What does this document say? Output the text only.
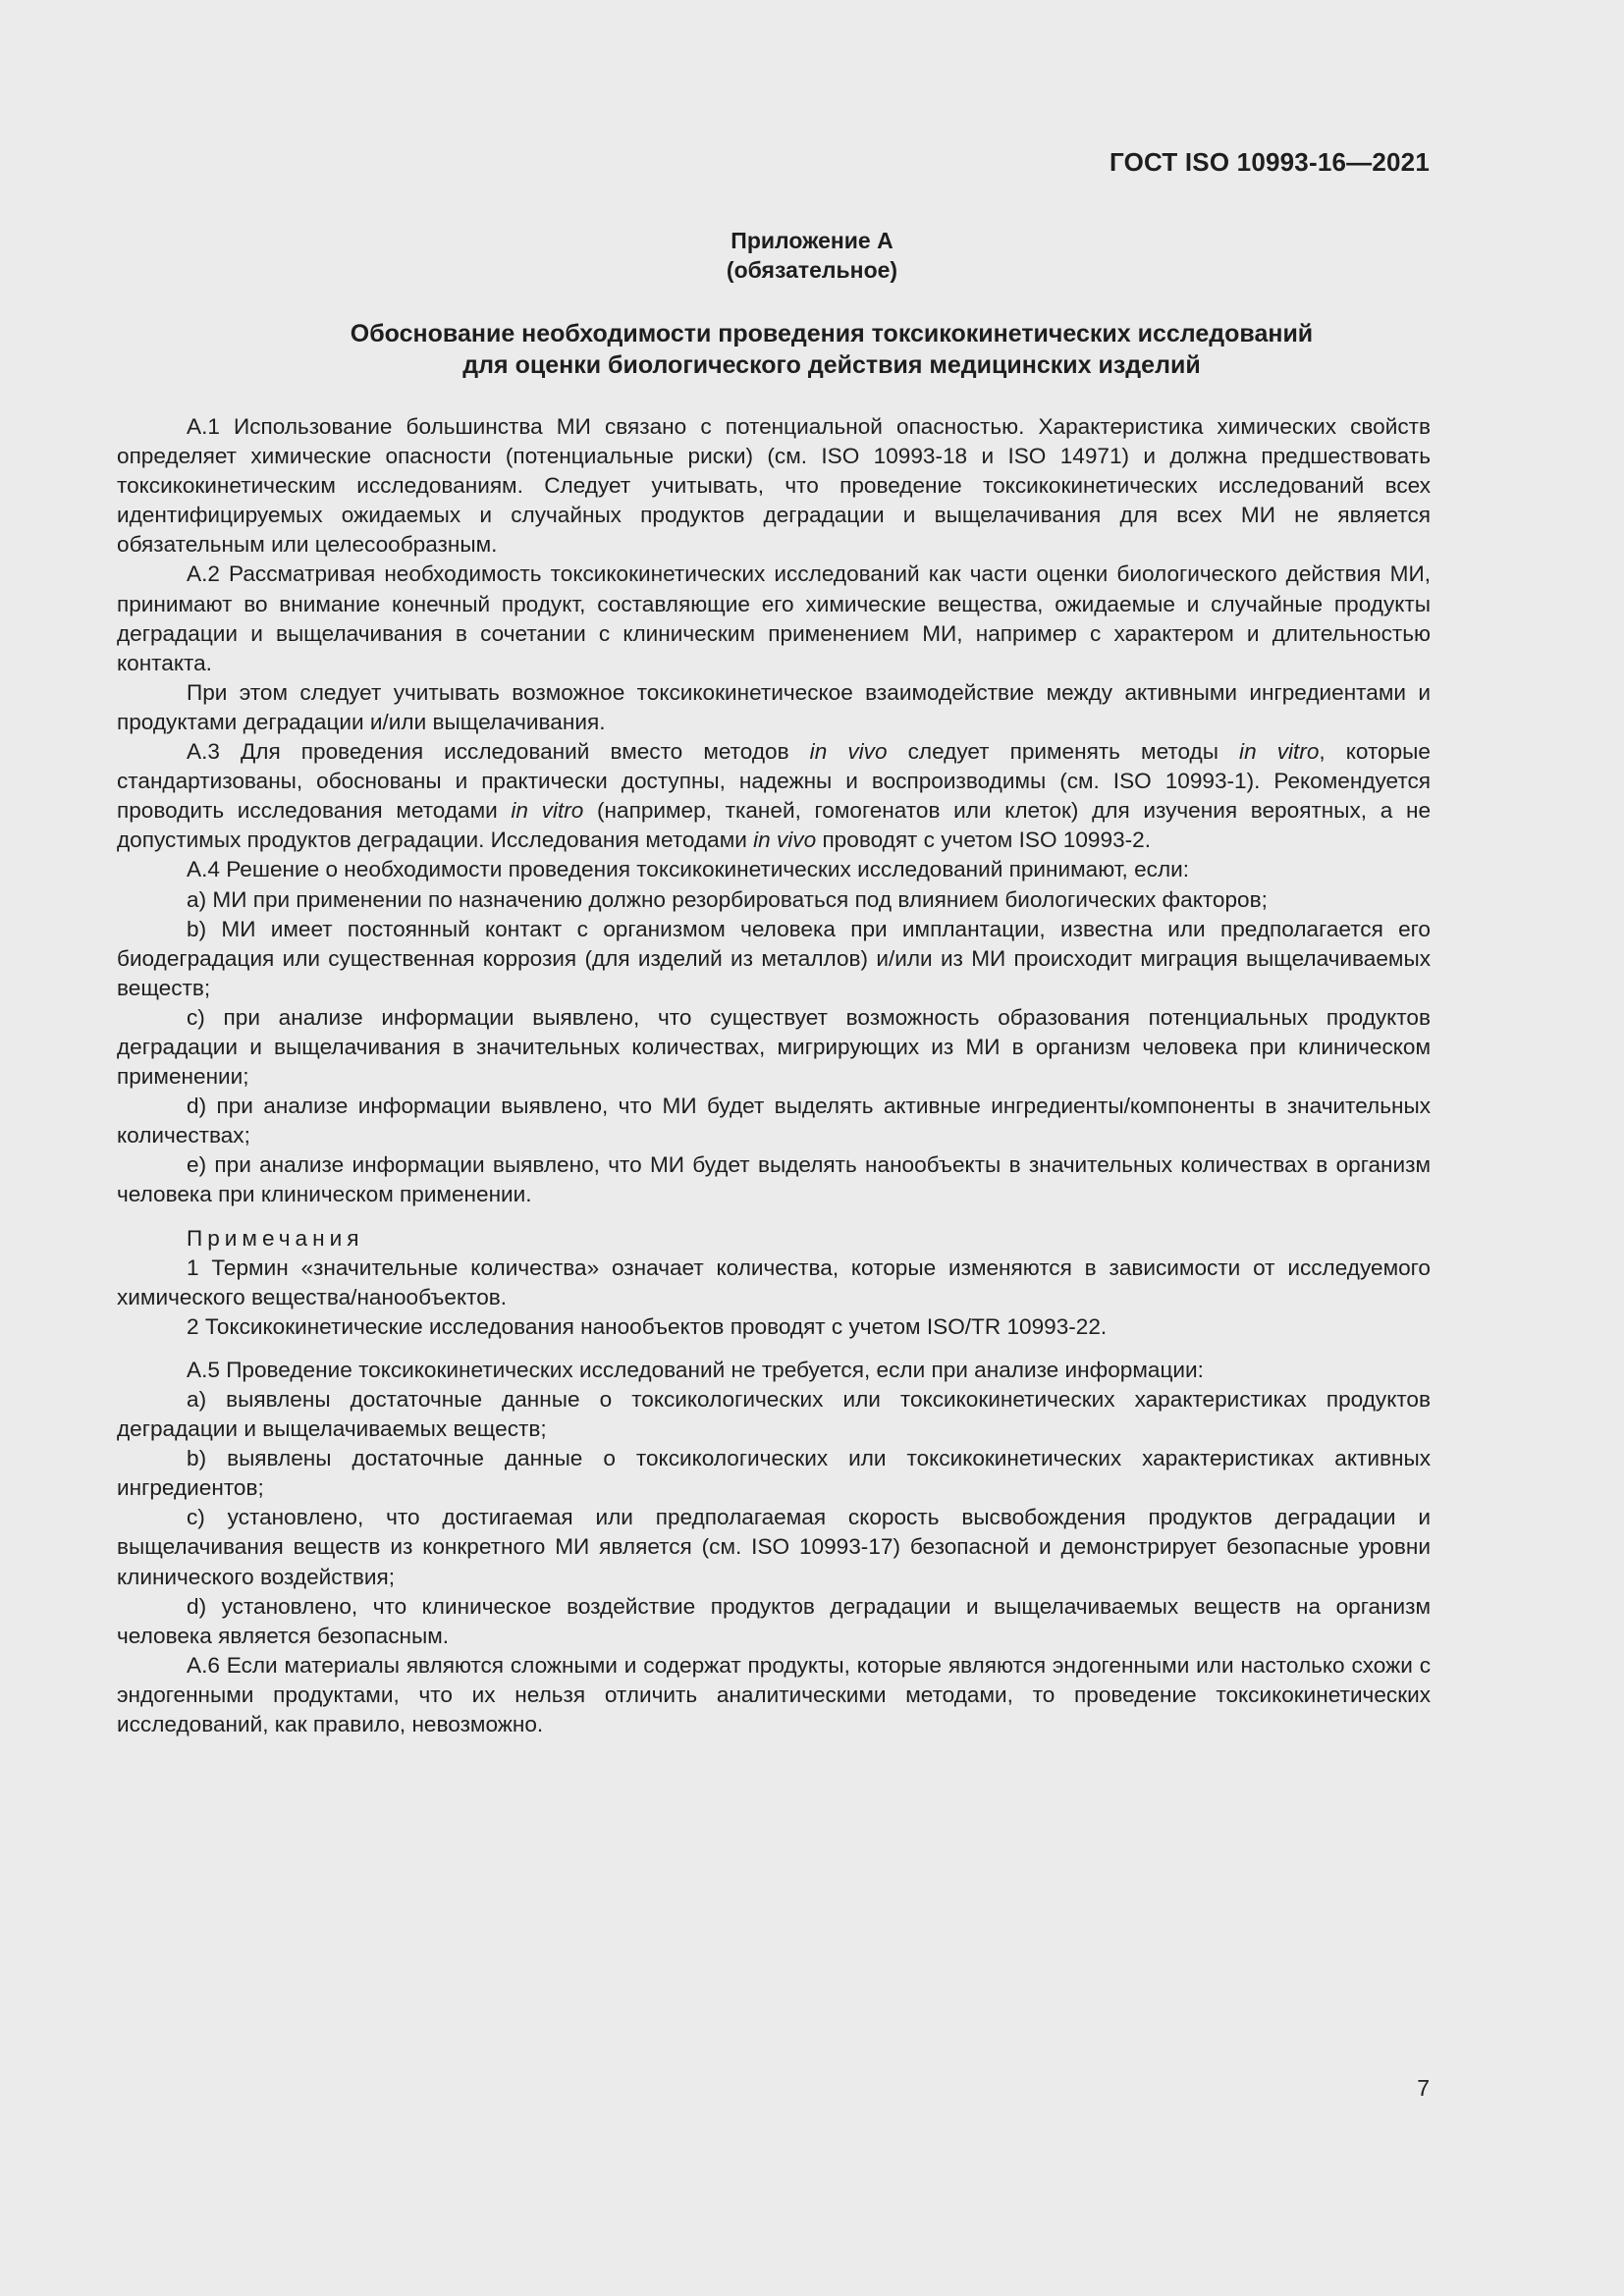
ГОСТ ISO 10993-16—2021
Приложение А
(обязательное)
Обоснование необходимости проведения токсикокинетических исследований
для оценки биологического действия медицинских изделий

А.1 Использование большинства МИ связано с потенциальной опасностью. Характеристика химических свойств определяет химические опасности (потенциальные риски) (см. ISO 10993-18 и ISO 14971) и должна предшествовать токсикокинетическим исследованиям. Следует учитывать, что проведение токсикокинетических исследований всех идентифицируемых ожидаемых и случайных продуктов деградации и выщелачивания для всех МИ не является обязательным или целесообразным.

А.2 Рассматривая необходимость токсикокинетических исследований как части оценки биологического действия МИ, принимают во внимание конечный продукт, составляющие его химические вещества, ожидаемые и случайные продукты деградации и выщелачивания в сочетании с клиническим применением МИ, например с характером и длительностью контакта.

При этом следует учитывать возможное токсикокинетическое взаимодействие между активными ингредиентами и продуктами деградации и/или выщелачивания.

А.3 Для проведения исследований вместо методов in vivo следует применять методы in vitro, которые стандартизованы, обоснованы и практически доступны, надежны и воспроизводимы (см. ISO 10993-1). Рекомендуется проводить исследования методами in vitro (например, тканей, гомогенатов или клеток) для изучения вероятных, а не допустимых продуктов деградации. Исследования методами in vivo проводят с учетом ISO 10993-2.

А.4 Решение о необходимости проведения токсикокинетических исследований принимают, если:

a) МИ при применении по назначению должно резорбироваться под влиянием биологических факторов;

b) МИ имеет постоянный контакт с организмом человека при имплантации, известна или предполагается его биодеградация или существенная коррозия (для изделий из металлов) и/или из МИ происходит миграция выщелачиваемых веществ;

c) при анализе информации выявлено, что существует возможность образования потенциальных продуктов деградации и выщелачивания в значительных количествах, мигрирующих из МИ в организм человека при клиническом применении;

d) при анализе информации выявлено, что МИ будет выделять активные ингредиенты/компоненты в значительных количествах;

e) при анализе информации выявлено, что МИ будет выделять нанообъекты в значительных количествах в организм человека при клиническом применении.

Примечания

1 Термин «значительные количества» означает количества, которые изменяются в зависимости от исследуемого химического вещества/нанообъектов.

2 Токсикокинетические исследования нанообъектов проводят с учетом ISO/TR 10993-22.

А.5 Проведение токсикокинетических исследований не требуется, если при анализе информации:

a) выявлены достаточные данные о токсикологических или токсикокинетических характеристиках продуктов деградации и выщелачиваемых веществ;

b) выявлены достаточные данные о токсикологических или токсикокинетических характеристиках активных ингредиентов;

c) установлено, что достигаемая или предполагаемая скорость высвобождения продуктов деградации и выщелачивания веществ из конкретного МИ является (см. ISO 10993-17) безопасной и демонстрирует безопасные уровни клинического воздействия;

d) установлено, что клиническое воздействие продуктов деградации и выщелачиваемых веществ на организм человека является безопасным.

А.6 Если материалы являются сложными и содержат продукты, которые являются эндогенными или настолько схожи с эндогенными продуктами, что их нельзя отличить аналитическими методами, то проведение токсикокинетических исследований, как правило, невозможно.

7
